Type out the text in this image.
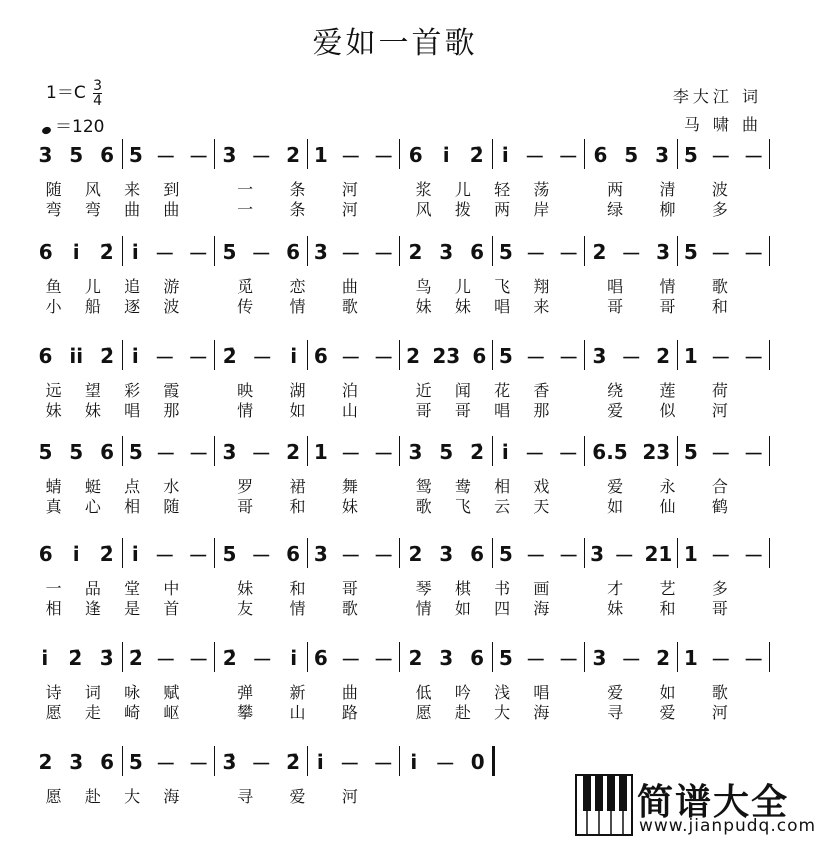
爱如一首歌
$1=C \frac{3}{4}$
＝120
李大江 词
马 啸 曲
3 5 6 5 － － 3 － 2 1 － － 6 i̇ 2̇ i̇ － － 6 5 3 5 － －
随 风 来 到	一 条 河	浆 儿 轻 荡	两 清 波
弯 弯 曲 曲	一 条 河	风 拨 两 岸	绿 柳 多
6 i̇ 2̇ i̇ － － 5 － 6 3 － － 2 3 6 5 － － 2 － 3 5 － －
鱼 儿 追 游	觅 恋 曲	鸟 儿 飞 翔	唱 情 歌
小 船 逐 波	传 情 歌	妹 妹 唱 来	哥 哥 和
6 i̇i̇ 2̇ i̇ － － 2̇ － i̇ 6 － － 2 23 6 5 － － 3 － 2 1 － －
远 望 彩 霞	映 湖 泊	近 闻 花 香	绕 莲 荷
妹 妹 唱 那	情 如 山	哥 哥 唱 那	爱 似 河
5 5 6 5 － － 3 － 2 1 － － 3 5 2̇ i̇ － － 6.5 23 5 － －
蜻 蜓 点 水	罗 裙 舞	鸳 鸯 相 戏	爱 永 合
真 心 相 随	哥 和 妹	歌 飞 云 天	如 仙 鹤
6 i̇ 2̇ i̇ － － 5 － 6 3 － － 2 3 6 5 － － 3 － 21 1 － －
一 品 堂 中	妹 和 哥	琴 棋 书 画	才 艺 多
相 逢 是 首	友 情 歌	情 如 四 海	妹 和 哥
i̇ 2̇ 3̇ 2̇ － － 2̇ － i̇ 6 － － 2 3 6 5 － － 3 － 2 1 － －
诗 词 咏 赋	弹 新 曲	低 吟 浅 唱	爱 如 歌
愿 走 崎 岖	攀 山 路	愿 赴 大 海	寻 爱 河
2 3 6 5 － － 3̇ － 2̇ i̇ － － i̇ － 0
愿 赴 大 海	寻 爱 河	简谱大全
www.jianpudq.com
